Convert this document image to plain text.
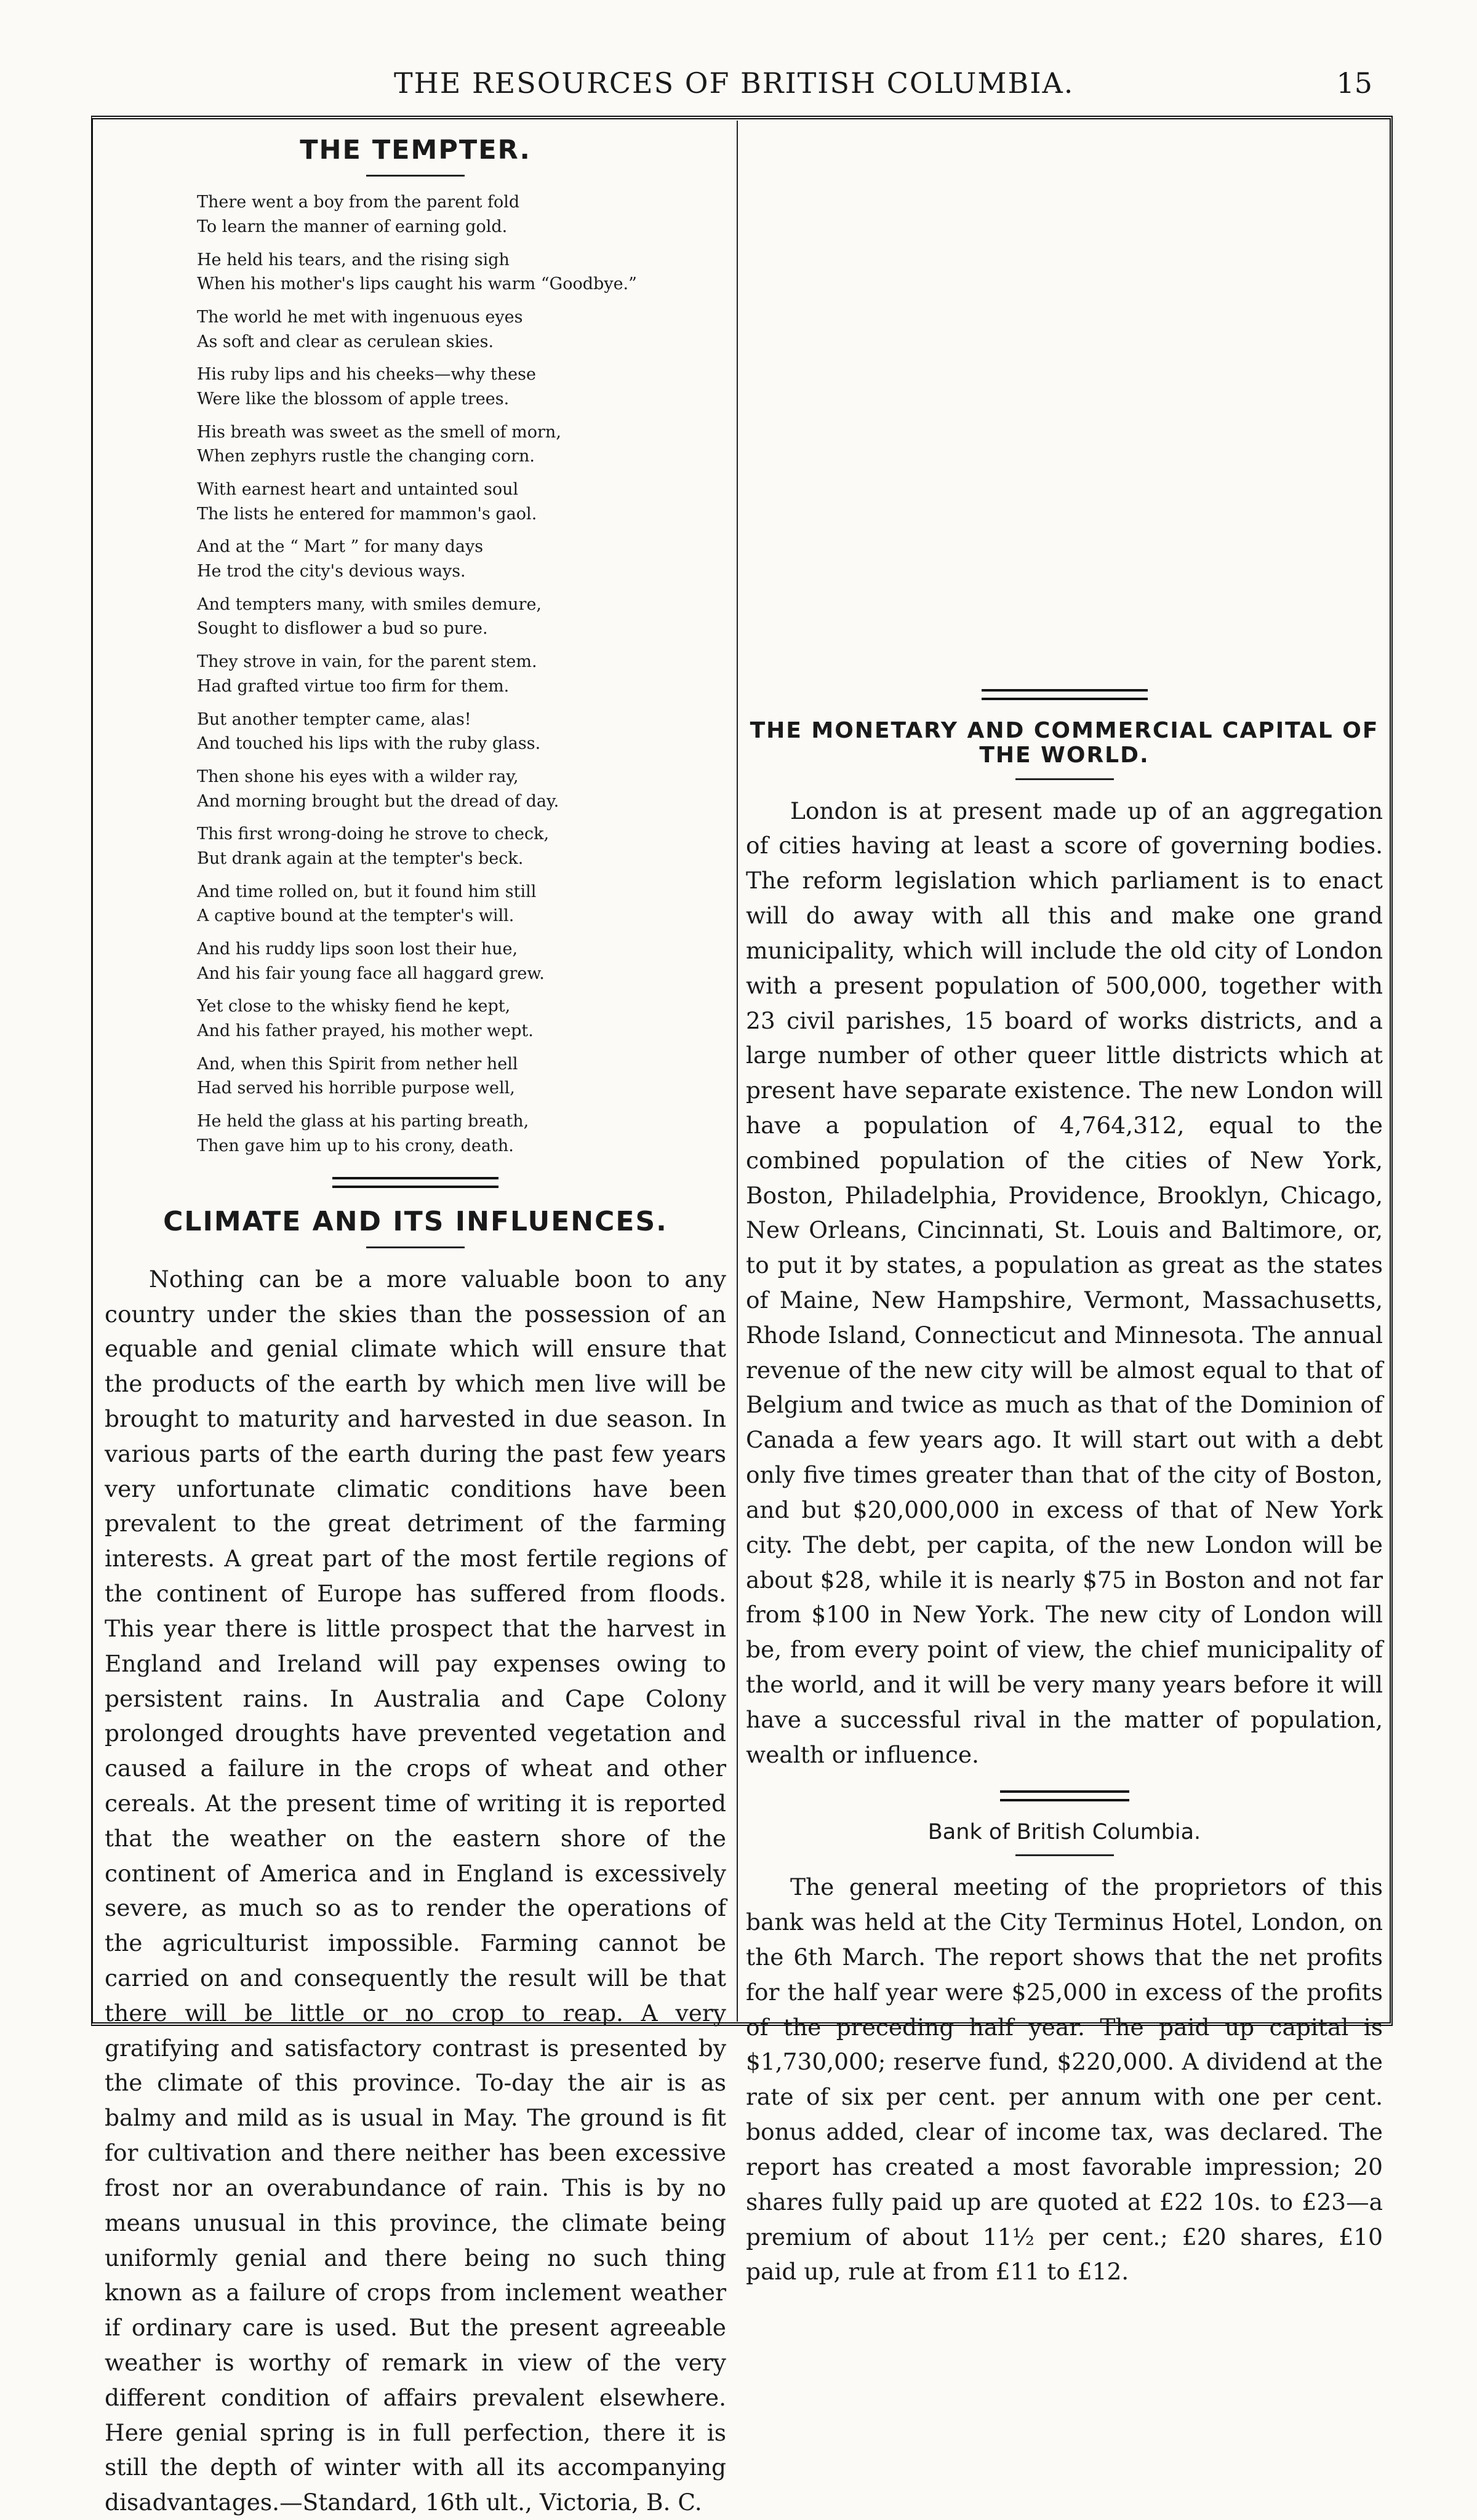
THE RESOURCES OF BRITISH COLUMBIA.	15
THE TEMPTER.
There went a boy from the parent fold
To learn the manner of earning gold.
He held his tears, and the rising sigh
When his mother's lips caught his warm “Goodbye.”
The world he met with ingenuous eyes
As soft and clear as cerulean skies.
His ruby lips and his cheeks—why these
Were like the blossom of apple trees.
His breath was sweet as the smell of morn,
When zephyrs rustle the changing corn.
With earnest heart and untainted soul
The lists he entered for mammon's gaol.
And at the “ Mart ” for many days
He trod the city's devious ways.
And tempters many, with smiles demure,
Sought to disflower a bud so pure.
They strove in vain, for the parent stem.
Had grafted virtue too firm for them.
But another tempter came, alas!
And touched his lips with the ruby glass.
Then shone his eyes with a wilder ray,
And morning brought but the dread of day.
This first wrong-doing he strove to check,
But drank again at the tempter's beck.
And time rolled on, but it found him still
A captive bound at the tempter's will.
And his ruddy lips soon lost their hue,
And his fair young face all haggard grew.
Yet close to the whisky fiend he kept,
And his father prayed, his mother wept.
And, when this Spirit from nether hell
Had served his horrible purpose well,
He held the glass at his parting breath,
Then gave him up to his crony, death.
CLIMATE AND ITS INFLUENCES.

Nothing can be a more valuable boon to any country under the skies than the possession of an equable and genial climate which will ensure that the products of the earth by which men live will be brought to maturity and harvested in due season. In various parts of the earth during the past few years very unfortunate climatic conditions have been prevalent to the great detriment of the farming interests. A great part of the most fertile regions of the continent of Europe has suffered from floods. This year there is little prospect that the harvest in England and Ireland will pay expenses owing to persistent rains. In Australia and Cape Colony prolonged droughts have prevented vegetation and caused a failure in the crops of wheat and other cereals. At the present time of writing it is reported that the weather on the eastern shore of the continent of America and in England is excessively severe, as much so as to render the operations of the agriculturist impossible. Farming cannot be carried on and consequently the result will be that there will be little or no crop to reap. A very gratifying and satisfactory contrast is presented by the climate of this province. To-day the air is as balmy and mild as is usual in May. The ground is fit for cultivation and there neither has been excessive frost nor an overabundance of rain. This is by no means unusual in this province, the climate being uniformly genial and there being no such thing known as a failure of crops from inclement weather if ordinary care is used. But the present agreeable weather is worthy of remark in view of the very different condition of affairs prevalent elsewhere. Here genial spring is in full perfection, there it is still the depth of winter with all its accompanying disadvantages.—Standard, 16th ult., Victoria, B. C.

THE MONETARY AND COMMERCIAL CAPITAL OF THE WORLD.

London is at present made up of an aggregation of cities having at least a score of governing bodies. The reform legislation which parliament is to enact will do away with all this and make one grand municipality, which will include the old city of London with a present population of 500,000, together with 23 civil parishes, 15 board of works districts, and a large number of other queer little districts which at present have separate existence. The new London will have a population of 4,764,312, equal to the combined population of the cities of New York, Boston, Philadelphia, Providence, Brooklyn, Chicago, New Orleans, Cincinnati, St. Louis and Baltimore, or, to put it by states, a population as great as the states of Maine, New Hampshire, Vermont, Massachusetts, Rhode Island, Connecticut and Minnesota. The annual revenue of the new city will be almost equal to that of Belgium and twice as much as that of the Dominion of Canada a few years ago. It will start out with a debt only five times greater than that of the city of Boston, and but $20,000,000 in excess of that of New York city. The debt, per capita, of the new London will be about $28, while it is nearly $75 in Boston and not far from $100 in New York. The new city of London will be, from every point of view, the chief municipality of the world, and it will be very many years before it will have a successful rival in the matter of population, wealth or influence.

Bank of British Columbia.

The general meeting of the proprietors of this bank was held at the City Terminus Hotel, London, on the 6th March. The report shows that the net profits for the half year were $25,000 in excess of the profits of the preceding half year. The paid up capital is $1,730,000; reserve fund, $220,000. A dividend at the rate of six per cent. per annum with one per cent. bonus added, clear of income tax, was declared. The report has created a most favorable impression; 20 shares fully paid up are quoted at £22 10s. to £23—a premium of about 11½ per cent.; £20 shares, £10 paid up, rule at from £11 to £12.
